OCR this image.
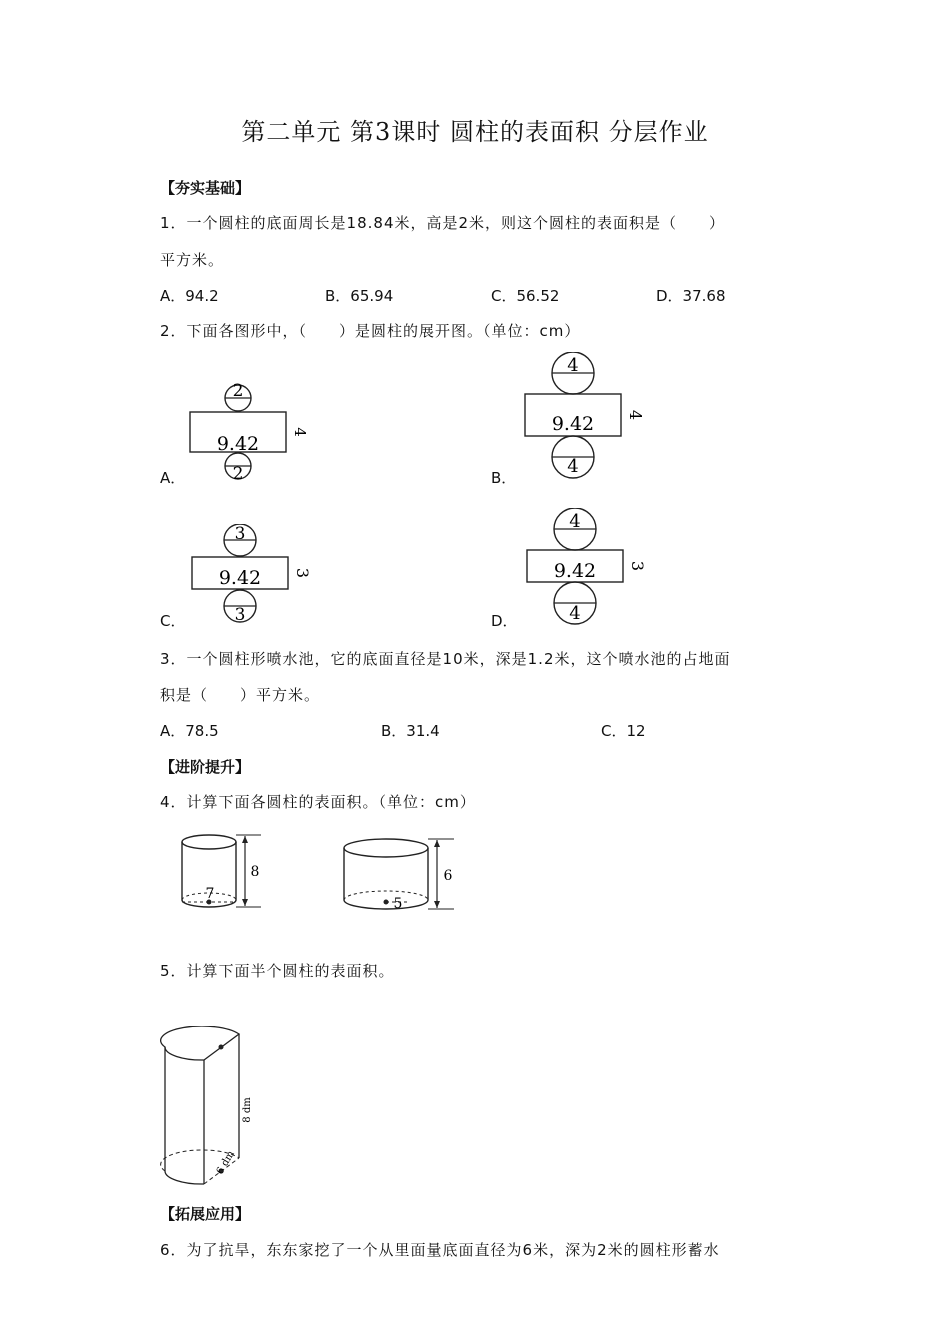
第二单元 第3课时 圆柱的表面积 分层作业
【夯实基础】
1．一个圆柱的底面周长是18.84米，高是2米，则这个圆柱的表面积是（　　）
平方米。
A．94.2	B．65.94	C．56.52	D．37.68
2．下面各图形中，（　　）是圆柱的展开图。（单位：cm）
2
9.42
4
2
A．
4
9.42 4
4
B．
3
9.42 3
3
C．
4
9.42 3
4
D．
3．一个圆柱形喷水池，它的底面直径是10米，深是1.2米，这个喷水池的占地面
积是（　　）平方米。
A．78.5	B．31.4	C．12
【进阶提升】
4．计算下面各圆柱的表面积。（单位：cm）
7
8
5
6
5．计算下面半个圆柱的表面积。
8 dm
6 dm
【拓展应用】
6．为了抗旱，东东家挖了一个从里面量底面直径为6米，深为2米的圆柱形蓄水
